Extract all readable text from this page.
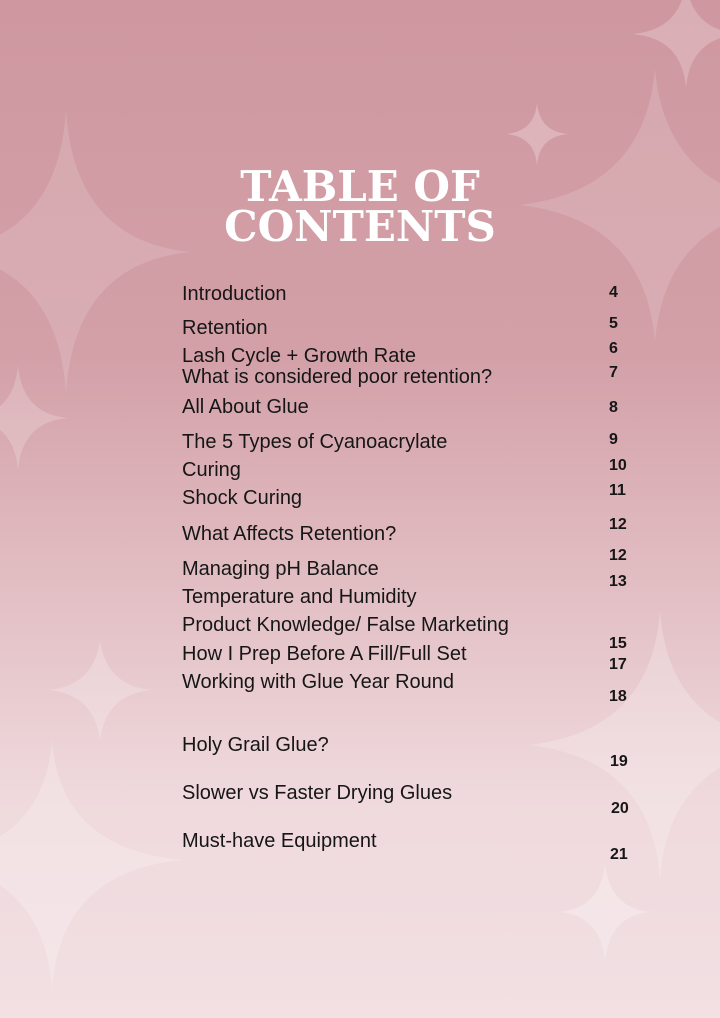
TABLE OF
CONTENTS

Introduction

Retention

Lash Cycle + Growth Rate

What is considered poor retention?

All About Glue

The 5 Types of Cyanoacrylate

Curing

Shock Curing

What Affects Retention?

Managing pH Balance

Temperature and Humidity

Product Knowledge/ False Marketing

How I Prep Before A Fill/Full Set

Working with Glue Year Round

Holy Grail Glue?

Slower vs Faster Drying Glues

Must-have Equipment

4
5
6
7
8
9
10
11
12
12
13
15
17
18
19
20
21
